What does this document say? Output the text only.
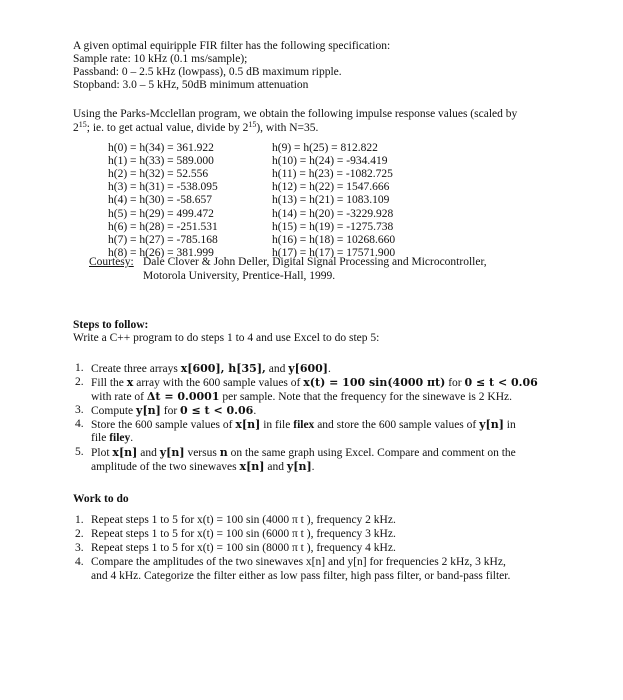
A given optimal equiripple FIR filter has the following specification:
Sample rate: 10 kHz (0.1 ms/sample);
Passband: 0 – 2.5 kHz (lowpass), 0.5 dB maximum ripple.
Stopband: 3.0 – 5 kHz, 50dB minimum attenuation
Using the Parks-Mcclellan program, we obtain the following impulse response values (scaled by
$2^{15}$; ie. to get actual value, divide by $2^{15}$), with N=35.
Courtesy: Dale Clover & John Deller, Digital Signal Processing and Microcontroller,
Motorola University, Prentice-Hall, 1999.
Steps to follow:
Write a C++ program to do steps 1 to 4 and use Excel to do step 5:
Work to do
h(0) = h(34) = 361.922
h(1) = h(33) = 589.000
h(2) = h(32) = 52.556
h(3) = h(31) = -538.095
h(4) = h(30) = -58.657
h(5) = h(29) = 499.472
h(6) = h(28) = -251.531
h(7) = h(27) = -785.168
h(8) = h(26) = 381.999
h(9) = h(25) = 812.822
h(10) = h(24) = -934.419
h(11) = h(23) = -1082.725
h(12) = h(22) = 1547.666
h(13) = h(21) = 1083.109
h(14) = h(20) = -3229.928
h(15) = h(19) = -1275.738
h(16) = h(18) = 10268.660
h(17) = h(17) = 17571.900
1. Create three arrays x[600], h[35], and y[600].
2. Fill the x array with the 600 sample values of x(t) = 100 sin(4000 πt) for 0 ≤ t < 0.06
with rate of Δt = 0.0001 per sample. Note that the frequency for the sinewave is 2 KHz.
3. Compute y[n] for 0 ≤ t < 0.06.
4. Store the 600 sample values of x[n] in file filex and store the 600 sample values of y[n] in
file filey.
5. Plot x[n] and y[n] versus n on the same graph using Excel. Compare and comment on the
amplitude of the two sinewaves x[n] and y[n].
1. Repeat steps 1 to 5 for x(t) = 100 sin (4000 π t ), frequency 2 kHz.
2. Repeat steps 1 to 5 for x(t) = 100 sin (6000 π t ), frequency 3 kHz.
3. Repeat steps 1 to 5 for x(t) = 100 sin (8000 π t ), frequency 4 kHz.
4. Compare the amplitudes of the two sinewaves x[n] and y[n] for frequencies 2 kHz, 3 kHz,
and 4 kHz. Categorize the filter either as low pass filter, high pass filter, or band-pass filter.
